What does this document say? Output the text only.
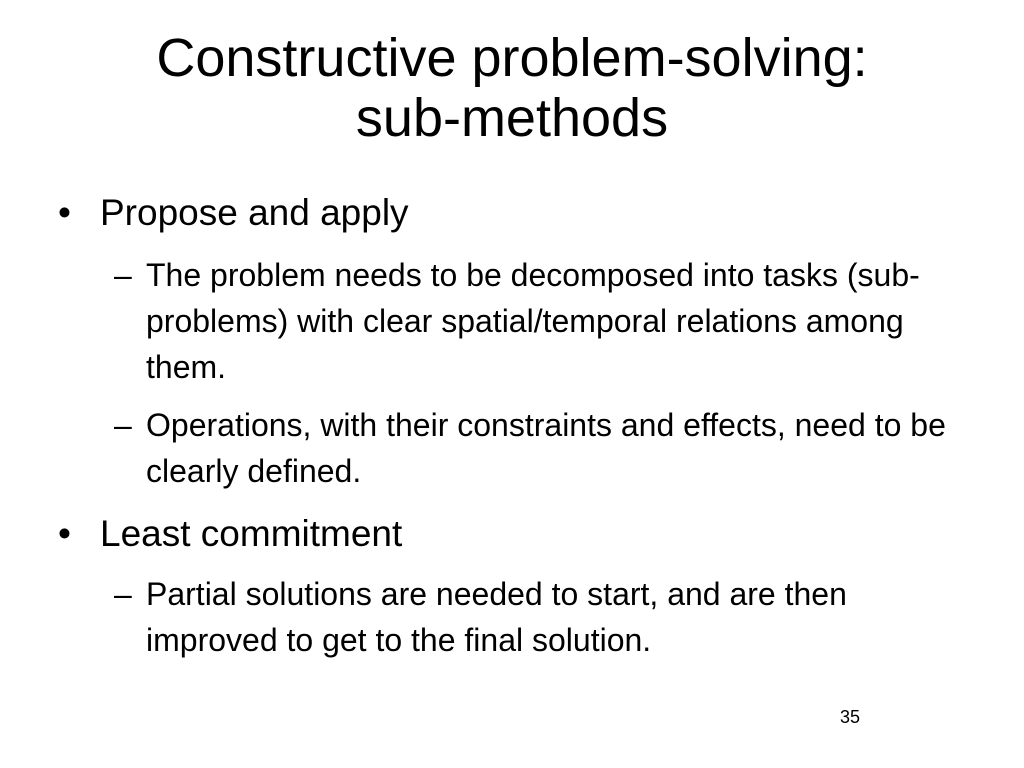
Constructive problem-solving:
sub-methods
• Propose and apply
– The problem needs to be decomposed into tasks (sub-problems) with clear spatial/temporal relations among them.
– Operations, with their constraints and effects, need to be clearly defined.
• Least commitment
– Partial solutions are needed to start, and are then improved to get to the final solution.
35
